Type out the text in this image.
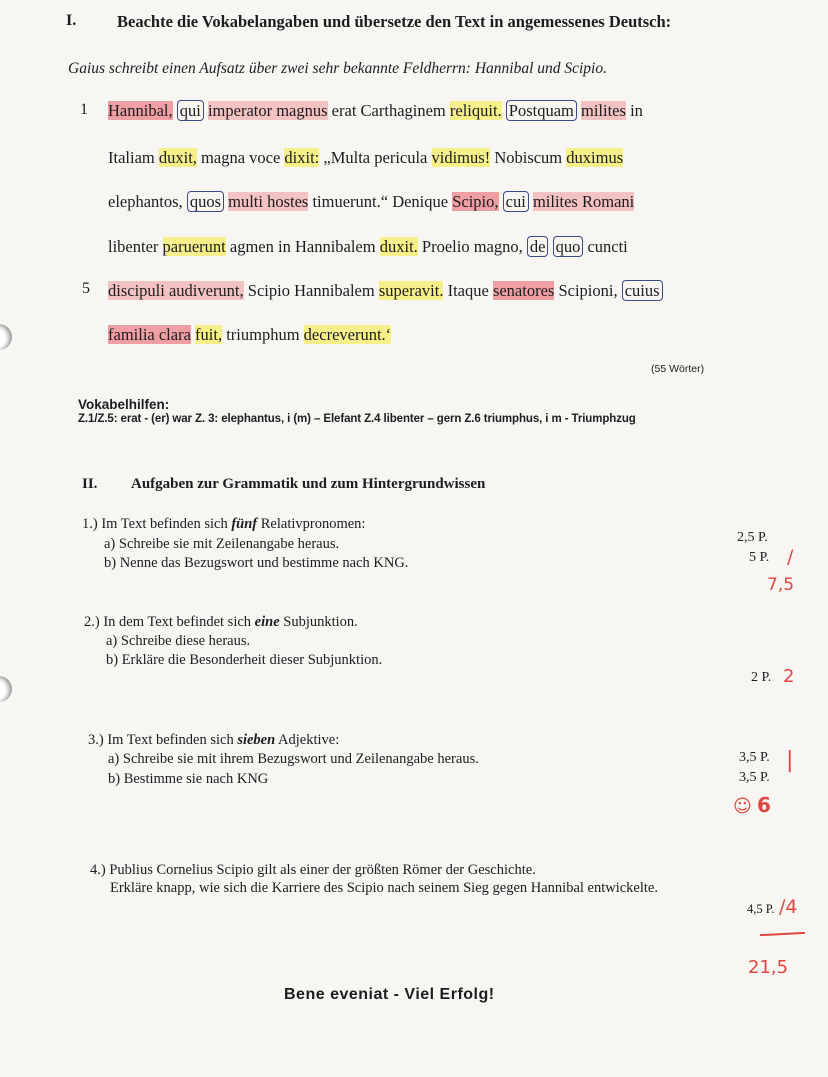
I. Beachte die Vokabelangaben und übersetze den Text in angemessenes Deutsch:
Gaius schreibt einen Aufsatz über zwei sehr bekannte Feldherrn: Hannibal und Scipio.
1 Hannibal, qui imperator magnus erat Carthaginem reliquit. Postquam milites in
Italiam duxit, magna voce dixit: „Multa pericula vidimus! Nobiscum duximus
elephantos, quos multi hostes timuerunt.“ Denique Scipio, cui milites Romani
libenter paruerunt agmen in Hannibalem duxit. Proelio magno, de quo cuncti
5 discipuli audiverunt, Scipio Hannibalem superavit. Itaque senatores Scipioni, cuius
familia clara fuit, triumphum decreverunt.‘
(55 Wörter)
Vokabelhilfen:
Z.1/Z.5: erat - (er) war Z. 3: elephantus, i (m) – Elefant Z.4 libenter – gern Z.6 triumphus, i m - Triumphzug
II. Aufgaben zur Grammatik und zum Hintergrundwissen
1.) Im Text befinden sich fünf Relativpronomen:
a) Schreibe sie mit Zeilenangabe heraus.
b) Nenne das Bezugswort und bestimme nach KNG.
2,5 P.
5 P. /
7,5
2.) In dem Text befindet sich eine Subjunktion.
a) Schreibe diese heraus.
b) Erkläre die Besonderheit dieser Subjunktion.
2 P. 2
3.) Im Text befinden sich sieben Adjektive:
a) Schreibe sie mit ihrem Bezugswort und Zeilenangabe heraus.
b) Bestimme sie nach KNG
3,5 P.
3,5 P.
|
☺ 6
4.) Publius Cornelius Scipio gilt als einer der größten Römer der Geschichte.
Erkläre knapp, wie sich die Karriere des Scipio nach seinem Sieg gegen Hannibal entwickelte.
4,5 P. /4
21,5
Bene eveniat - Viel Erfolg!
